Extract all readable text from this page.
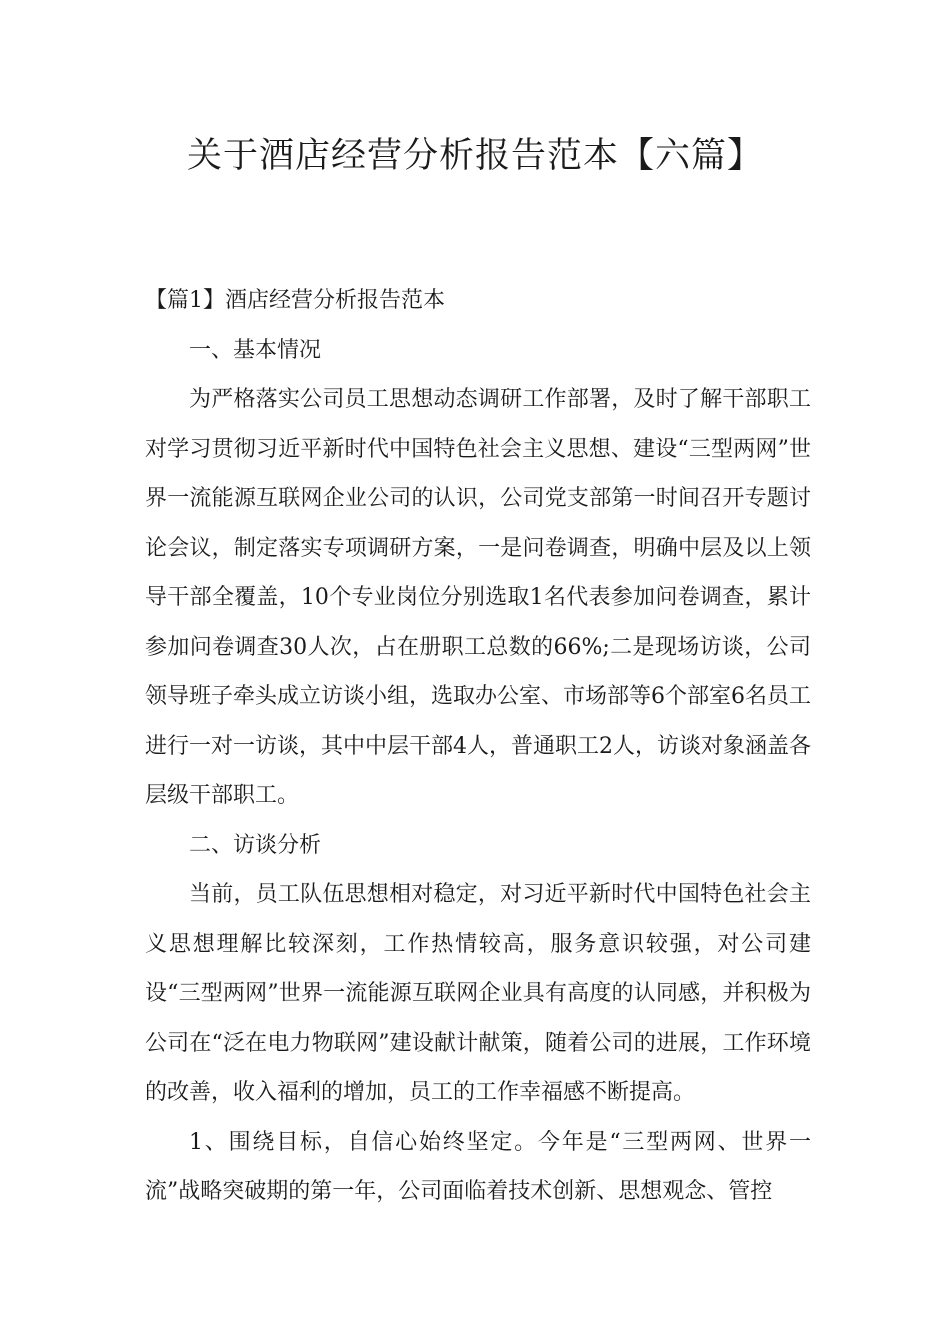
关于酒店经营分析报告范本【六篇】

【篇1】酒店经营分析报告范本

一、基本情况

为严格落实公司员工思想动态调研工作部署，及时了解干部职工对学习贯彻习近平新时代中国特色社会主义思想、建设“三型两网”世界一流能源互联网企业公司的认识，公司党支部第一时间召开专题讨论会议，制定落实专项调研方案，一是问卷调查，明确中层及以上领导干部全覆盖，10个专业岗位分别选取1名代表参加问卷调查，累计参加问卷调查30人次，占在册职工总数的66%;二是现场访谈，公司领导班子牵头成立访谈小组，选取办公室、市场部等6个部室6名员工进行一对一访谈，其中中层干部4人，普通职工2人，访谈对象涵盖各层级干部职工。

二、访谈分析

当前，员工队伍思想相对稳定，对习近平新时代中国特色社会主义思想理解比较深刻，工作热情较高，服务意识较强，对公司建设“三型两网”世界一流能源互联网企业具有高度的认同感，并积极为公司在“泛在电力物联网”建设献计献策，随着公司的进展，工作环境的改善，收入福利的增加，员工的工作幸福感不断提高。

1、围绕目标，自信心始终坚定。今年是“三型两网、世界一流”战略突破期的第一年，公司面临着技术创新、思想观念、管控
